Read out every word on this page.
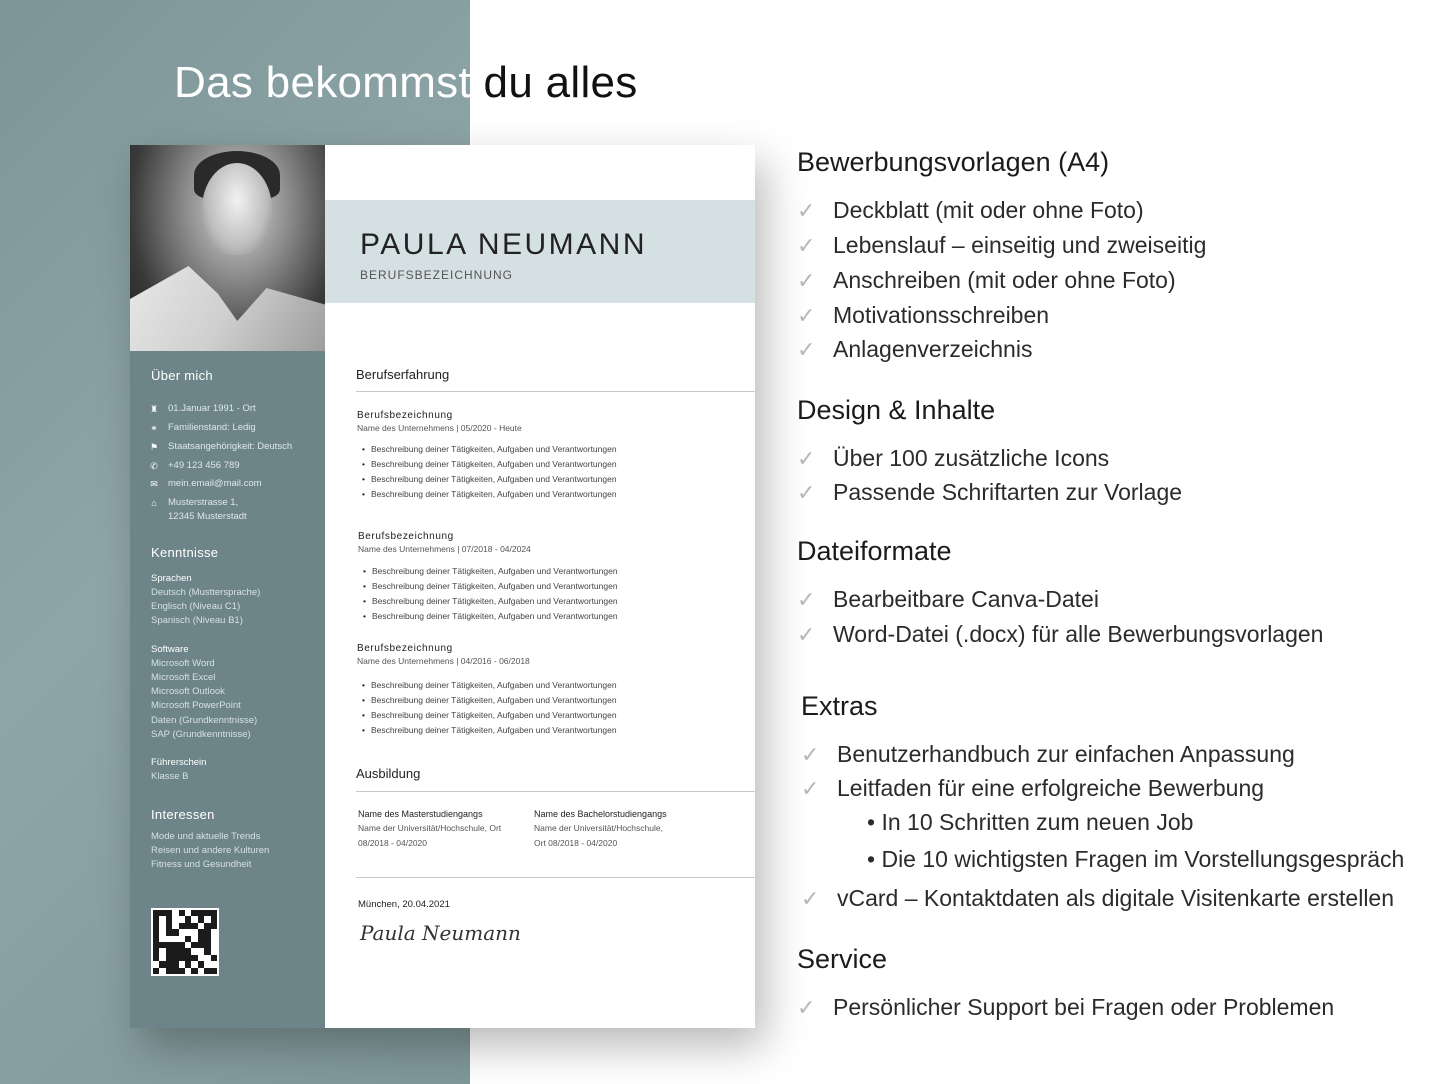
Das bekommst du alles
Über mich
♜ 01.Januar 1991 - Ort
⚭ Familienstand: Ledig
⚑ Staatsangehörigkeit: Deutsch
✆ +49 123 456 789
✉ mein.email@mail.com
⌂	Musterstrasse 1,
12345 Musterstadt
Kenntnisse
Sprachen
Deutsch (Musttersprache)
Englisch (Niveau C1)
Spanisch (Niveau B1)
Software
Microsoft Word
Microsoft Excel
Microsoft Outlook
Microsoft PowerPoint
Daten (Grundkenntnisse)
SAP (Grundkenntnisse)
Führerschein
Klasse B
Interessen
Mode und aktuelle Trends
Reisen und andere Kulturen
Fitness und Gesundheit
PAULA NEUMANN
BERUFSBEZEICHNUNG
Berufserfahrung
Berufsbezeichnung
Name des Unternehmens | 05/2020 - Heute
• Beschreibung deiner Tätigkeiten, Aufgaben und Verantwortungen
• Beschreibung deiner Tätigkeiten, Aufgaben und Verantwortungen
• Beschreibung deiner Tätigkeiten, Aufgaben und Verantwortungen
• Beschreibung deiner Tätigkeiten, Aufgaben und Verantwortungen
Berufsbezeichnung
Name des Unternehmens | 07/2018 - 04/2024
• Beschreibung deiner Tätigkeiten, Aufgaben und Verantwortungen
• Beschreibung deiner Tätigkeiten, Aufgaben und Verantwortungen
• Beschreibung deiner Tätigkeiten, Aufgaben und Verantwortungen
• Beschreibung deiner Tätigkeiten, Aufgaben und Verantwortungen
Berufsbezeichnung
Name des Unternehmens | 04/2016 - 06/2018
• Beschreibung deiner Tätigkeiten, Aufgaben und Verantwortungen
• Beschreibung deiner Tätigkeiten, Aufgaben und Verantwortungen
• Beschreibung deiner Tätigkeiten, Aufgaben und Verantwortungen
• Beschreibung deiner Tätigkeiten, Aufgaben und Verantwortungen
Ausbildung
Name des Masterstudiengangs
Name der Universität/Hochschule, Ort
08/2018 - 04/2020
Name des Bachelorstudiengangs
Name der Universität/Hochschule,
Ort 08/2018 - 04/2020
München, 20.04.2021
Paula Neumann
Bewerbungsvorlagen (A4)
✓ Deckblatt (mit oder ohne Foto)
✓ Lebenslauf – einseitig und zweiseitig
✓ Anschreiben (mit oder ohne Foto)
✓ Motivationsschreiben
✓ Anlagenverzeichnis
Design & Inhalte
✓ Über 100 zusätzliche Icons
✓ Passende Schriftarten zur Vorlage
Dateiformate
✓ Bearbeitbare Canva-Datei
✓ Word-Datei (.docx) für alle Bewerbungsvorlagen
Extras
✓ Benutzerhandbuch zur einfachen Anpassung
✓ Leitfaden für eine erfolgreiche Bewerbung
• In 10 Schritten zum neuen Job
• Die 10 wichtigsten Fragen im Vorstellungsgespräch
✓ vCard – Kontaktdaten als digitale Visitenkarte erstellen
Service
✓ Persönlicher Support bei Fragen oder Problemen
